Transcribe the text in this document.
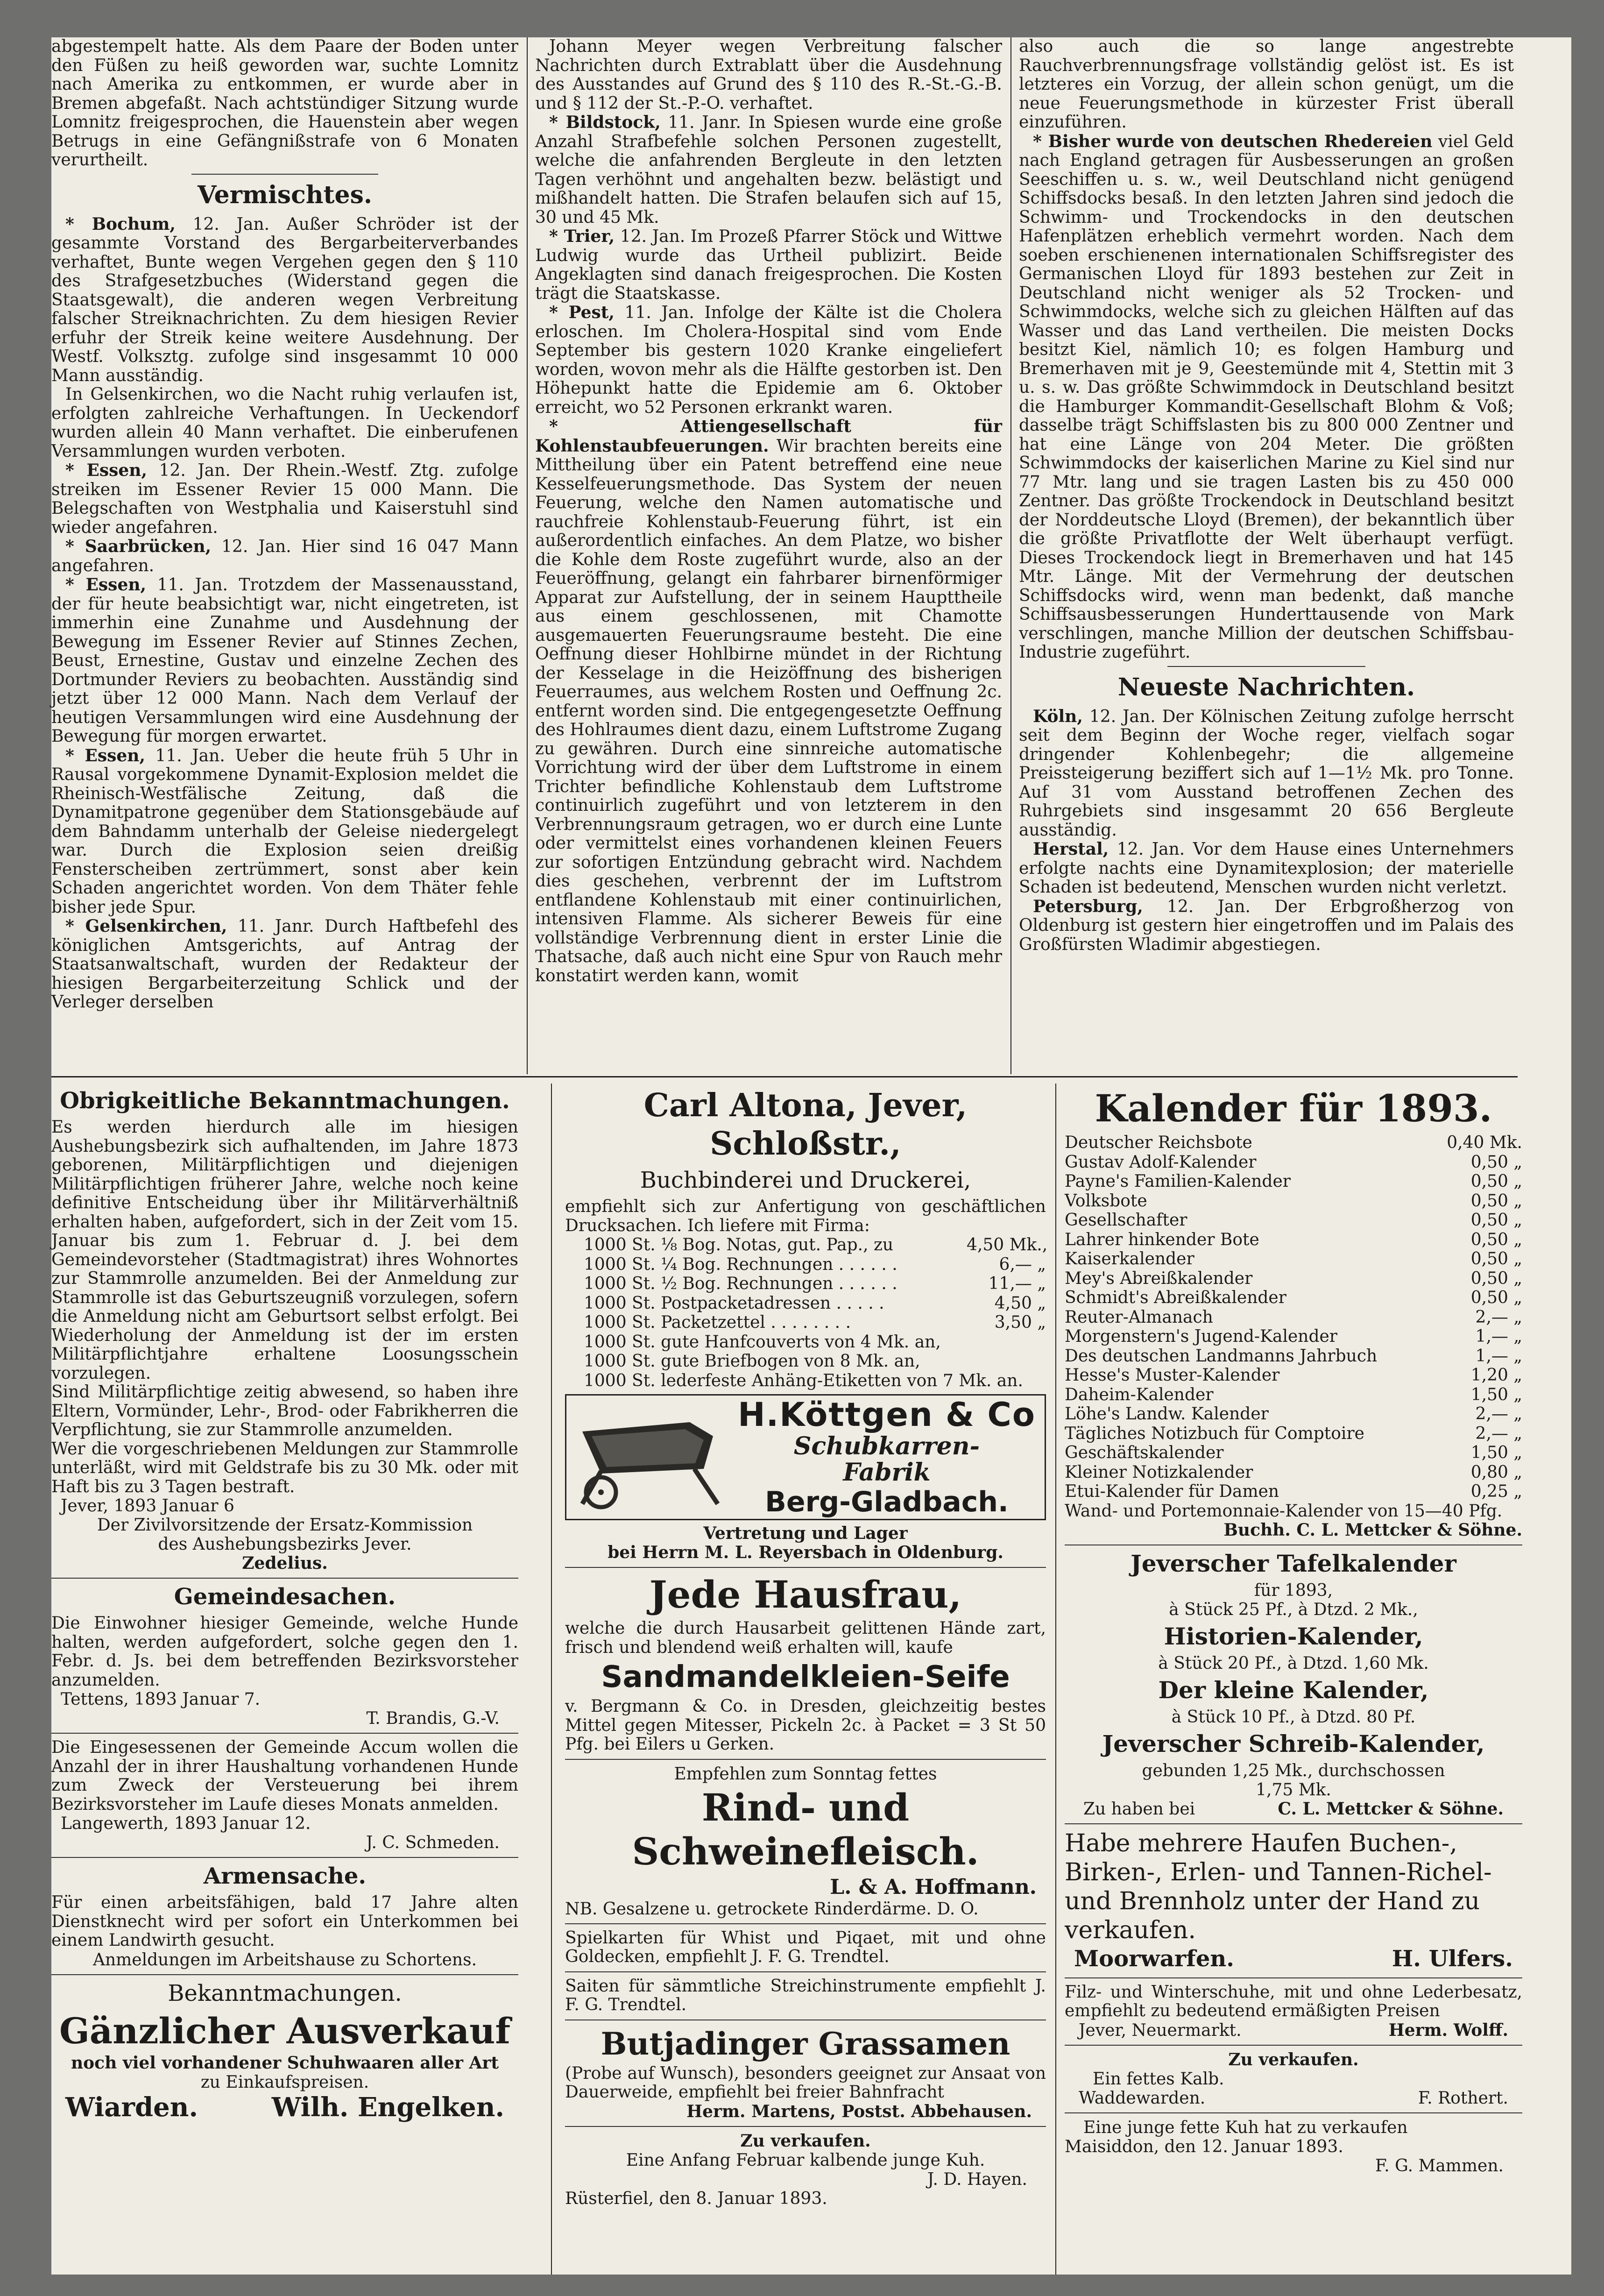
abgestempelt hatte. Als dem Paare der Boden unter den Füßen zu heiß geworden war, suchte Lomnitz nach Amerika zu entkommen, er wurde aber in Bremen abgefaßt. Nach achtstündiger Sitzung wurde Lomnitz freigesprochen, die Hauenstein aber wegen Betrugs in eine Gefängnißstrafe von 6 Monaten verurtheilt.

Vermischtes.

* Bochum, 12. Jan. Außer Schröder ist der gesammte Vorstand des Bergarbeiterverbandes verhaftet, Bunte wegen Vergehen gegen den § 110 des Strafgesetzbuches (Widerstand gegen die Staatsgewalt), die anderen wegen Verbreitung falscher Streiknachrichten. Zu dem hiesigen Revier erfuhr der Streik keine weitere Ausdehnung. Der Westf. Volksztg. zufolge sind insgesammt 10 000 Mann ausständig.

In Gelsenkirchen, wo die Nacht ruhig verlaufen ist, erfolgten zahlreiche Verhaftungen. In Ueckendorf wurden allein 40 Mann verhaftet. Die einberufenen Versammlungen wurden verboten.

* Essen, 12. Jan. Der Rhein.-Westf. Ztg. zufolge streiken im Essener Revier 15 000 Mann. Die Belegschaften von Westphalia und Kaiserstuhl sind wieder angefahren.

* Saarbrücken, 12. Jan. Hier sind 16 047 Mann angefahren.

* Essen, 11. Jan. Trotzdem der Massenausstand, der für heute beabsichtigt war, nicht eingetreten, ist immerhin eine Zunahme und Ausdehnung der Bewegung im Essener Revier auf Stinnes Zechen, Beust, Ernestine, Gustav und einzelne Zechen des Dortmunder Reviers zu beobachten. Ausständig sind jetzt über 12 000 Mann. Nach dem Verlauf der heutigen Versammlungen wird eine Ausdehnung der Bewegung für morgen erwartet.

* Essen, 11. Jan. Ueber die heute früh 5 Uhr in Rausal vorgekommene Dynamit-Explosion meldet die Rheinisch-Westfälische Zeitung, daß die Dynamitpatrone gegenüber dem Stationsgebäude auf dem Bahndamm unterhalb der Geleise niedergelegt war. Durch die Explosion seien dreißig Fensterscheiben zertrümmert, sonst aber kein Schaden angerichtet worden. Von dem Thäter fehle bisher jede Spur.

* Gelsenkirchen, 11. Janr. Durch Haftbefehl des königlichen Amtsgerichts, auf Antrag der Staatsanwaltschaft, wurden der Redakteur der hiesigen Bergarbeiterzeitung Schlick und der Verleger derselben

Johann Meyer wegen Verbreitung falscher Nachrichten durch Extrablatt über die Ausdehnung des Ausstandes auf Grund des § 110 des R.-St.-G.-B. und § 112 der St.-P.-O. verhaftet.

* Bildstock, 11. Janr. In Spiesen wurde eine große Anzahl Strafbefehle solchen Personen zugestellt, welche die anfahrenden Bergleute in den letzten Tagen verhöhnt und angehalten bezw. belästigt und mißhandelt hatten. Die Strafen belaufen sich auf 15, 30 und 45 Mk.

* Trier, 12. Jan. Im Prozeß Pfarrer Stöck und Wittwe Ludwig wurde das Urtheil publizirt. Beide Angeklagten sind danach freigesprochen. Die Kosten trägt die Staatskasse.

* Pest, 11. Jan. Infolge der Kälte ist die Cholera erloschen. Im Cholera-Hospital sind vom Ende September bis gestern 1020 Kranke eingeliefert worden, wovon mehr als die Hälfte gestorben ist. Den Höhepunkt hatte die Epidemie am 6. Oktober erreicht, wo 52 Personen erkrankt waren.

* Attiengesellschaft für Kohlenstaubfeuerungen. Wir brachten bereits eine Mittheilung über ein Patent betreffend eine neue Kesselfeuerungsmethode. Das System der neuen Feuerung, welche den Namen automatische und rauchfreie Kohlenstaub-Feuerung führt, ist ein außerordentlich einfaches. An dem Platze, wo bisher die Kohle dem Roste zugeführt wurde, also an der Feueröffnung, gelangt ein fahrbarer birnenförmiger Apparat zur Aufstellung, der in seinem Haupttheile aus einem geschlossenen, mit Chamotte ausgemauerten Feuerungsraume besteht. Die eine Oeffnung dieser Hohlbirne mündet in der Richtung der Kesselage in die Heizöffnung des bisherigen Feuerraumes, aus welchem Rosten und Oeffnung 2c. entfernt worden sind. Die entgegengesetzte Oeffnung des Hohlraumes dient dazu, einem Luftstrome Zugang zu gewähren. Durch eine sinnreiche automatische Vorrichtung wird der über dem Luftstrome in einem Trichter befindliche Kohlenstaub dem Luftstrome continuirlich zugeführt und von letzterem in den Verbrennungsraum getragen, wo er durch eine Lunte oder vermittelst eines vorhandenen kleinen Feuers zur sofortigen Entzündung gebracht wird. Nachdem dies geschehen, verbrennt der im Luftstrom entflandene Kohlenstaub mit einer continuirlichen, intensiven Flamme. Als sicherer Beweis für eine vollständige Verbrennung dient in erster Linie die Thatsache, daß auch nicht eine Spur von Rauch mehr konstatirt werden kann, womit

also auch die so lange angestrebte Rauchverbrennungsfrage vollständig gelöst ist. Es ist letzteres ein Vorzug, der allein schon genügt, um die neue Feuerungsmethode in kürzester Frist überall einzuführen.

* Bisher wurde von deutschen Rhedereien viel Geld nach England getragen für Ausbesserungen an großen Seeschiffen u. s. w., weil Deutschland nicht genügend Schiffsdocks besaß. In den letzten Jahren sind jedoch die Schwimm- und Trockendocks in den deutschen Hafenplätzen erheblich vermehrt worden. Nach dem soeben erschienenen internationalen Schiffsregister des Germanischen Lloyd für 1893 bestehen zur Zeit in Deutschland nicht weniger als 52 Trocken- und Schwimmdocks, welche sich zu gleichen Hälften auf das Wasser und das Land vertheilen. Die meisten Docks besitzt Kiel, nämlich 10; es folgen Hamburg und Bremerhaven mit je 9, Geestemünde mit 4, Stettin mit 3 u. s. w. Das größte Schwimmdock in Deutschland besitzt die Hamburger Kommandit-Gesellschaft Blohm & Voß; dasselbe trägt Schiffslasten bis zu 800 000 Zentner und hat eine Länge von 204 Meter. Die größten Schwimmdocks der kaiserlichen Marine zu Kiel sind nur 77 Mtr. lang und sie tragen Lasten bis zu 450 000 Zentner. Das größte Trockendock in Deutschland besitzt der Norddeutsche Lloyd (Bremen), der bekanntlich über die größte Privatflotte der Welt überhaupt verfügt. Dieses Trockendock liegt in Bremerhaven und hat 145 Mtr. Länge. Mit der Vermehrung der deutschen Schiffsdocks wird, wenn man bedenkt, daß manche Schiffsausbesserungen Hunderttausende von Mark verschlingen, manche Million der deutschen Schiffsbau-Industrie zugeführt.

Neueste Nachrichten.

Köln, 12. Jan. Der Kölnischen Zeitung zufolge herrscht seit dem Beginn der Woche reger, vielfach sogar dringender Kohlenbegehr; die allgemeine Preissteigerung beziffert sich auf 1—1½ Mk. pro Tonne. Auf 31 vom Ausstand betroffenen Zechen des Ruhrgebiets sind insgesammt 20 656 Bergleute ausständig.

Herstal, 12. Jan. Vor dem Hause eines Unternehmers erfolgte nachts eine Dynamitexplosion; der materielle Schaden ist bedeutend, Menschen wurden nicht verletzt.

Petersburg, 12. Jan. Der Erbgroßherzog von Oldenburg ist gestern hier eingetroffen und im Palais des Großfürsten Wladimir abgestiegen.

Obrigkeitliche Bekanntmachungen.

Es werden hierdurch alle im hiesigen Aushebungsbezirk sich aufhaltenden, im Jahre 1873 geborenen, Militärpflichtigen und diejenigen Militärpflichtigen früherer Jahre, welche noch keine definitive Entscheidung über ihr Militärverhältniß erhalten haben, aufgefordert, sich in der Zeit vom 15. Januar bis zum 1. Februar d. J. bei dem Gemeindevorsteher (Stadtmagistrat) ihres Wohnortes zur Stammrolle anzumelden. Bei der Anmeldung zur Stammrolle ist das Geburtszeugniß vorzulegen, sofern die Anmeldung nicht am Geburtsort selbst erfolgt. Bei Wiederholung der Anmeldung ist der im ersten Militärpflichtjahre erhaltene Loosungsschein vorzulegen.

Sind Militärpflichtige zeitig abwesend, so haben ihre Eltern, Vormünder, Lehr-, Brod- oder Fabrikherren die Verpflichtung, sie zur Stammrolle anzumelden.

Wer die vorgeschriebenen Meldungen zur Stammrolle unterläßt, wird mit Geldstrafe bis zu 30 Mk. oder mit Haft bis zu 3 Tagen bestraft.

Jever, 1893 Januar 6
Der Zivilvorsitzende der Ersatz-Kommission
des Aushebungsbezirks Jever.
Zedelius.
Gemeindesachen.

Die Einwohner hiesiger Gemeinde, welche Hunde halten, werden aufgefordert, solche gegen den 1. Febr. d. Js. bei dem betreffenden Bezirksvorsteher anzumelden.

Tettens, 1893 Januar 7.
T. Brandis, G.-V.

Die Eingesessenen der Gemeinde Accum wollen die Anzahl der in ihrer Haushaltung vorhandenen Hunde zum Zweck der Versteuerung bei ihrem Bezirksvorsteher im Laufe dieses Monats anmelden.

Langewerth, 1893 Januar 12.
J. C. Schmeden.
Armensache.

Für einen arbeitsfähigen, bald 17 Jahre alten Dienstknecht wird per sofort ein Unterkommen bei einem Landwirth gesucht.

Anmeldungen im Arbeitshause zu Schortens.
Bekanntmachungen.
Gänzlicher Ausverkauf
noch viel vorhandener Schuhwaaren aller Art
zu Einkaufspreisen.
Wiarden.	Wilh. Engelken.
Carl Altona, Jever, Schloßstr.,
Buchbinderei und Druckerei,

empfiehlt sich zur Anfertigung von geschäftlichen Drucksachen. Ich liefere mit Firma:

1000 St. ⅛ Bog. Notas, gut. Pap., zu	4,50 Mk.,
1000 St. ¼ Bog. Rechnungen . . . . . .	6,— „
1000 St. ½ Bog. Rechnungen . . . . . .	11,— „
1000 St. Postpacketadressen . . . . .	4,50 „
1000 St. Packetzettel . . . . . . . .	3,50 „
1000 St. gute Hanfcouverts von 4 Mk. an,
1000 St. gute Briefbogen von 8 Mk. an,
1000 St. lederfeste Anhäng-Etiketten von 7 Mk. an.
H.Köttgen & Co
Schubkarren-
Fabrik
Berg-Gladbach.
Vertretung und Lager
bei Herrn M. L. Reyersbach in Oldenburg.
Jede Hausfrau,

welche die durch Hausarbeit gelittenen Hände zart, frisch und blendend weiß erhalten will, kaufe

Sandmandelkleien-Seife

v. Bergmann & Co. in Dresden, gleichzeitig bestes Mittel gegen Mitesser, Pickeln 2c. à Packet = 3 St 50 Pfg. bei Eilers u Gerken.

Empfehlen zum Sonntag fettes
Rind- und Schweinefleisch.
L. & A. Hoffmann.
NB. Gesalzene u. getrockete Rinderdärme. D. O.

Spielkarten für Whist und Piqaet, mit und ohne Goldecken, empfiehlt J. F. G. Trendtel.

Saiten für sämmtliche Streichinstrumente empfiehlt J. F. G. Trendtel.

Butjadinger Grassamen

(Probe auf Wunsch), besonders geeignet zur Ansaat von Dauerweide, empfiehlt bei freier Bahnfracht

Herm. Martens, Postst. Abbehausen.
Zu verkaufen.
Eine Anfang Februar kalbende junge Kuh.
J. D. Hayen.
Rüsterfiel, den 8. Januar 1893.
Kalender für 1893.
Deutscher Reichsbote	0,40 Mk.
Gustav Adolf-Kalender	0,50 „
Payne's Familien-Kalender	0,50 „
Volksbote	0,50 „
Gesellschafter	0,50 „
Lahrer hinkender Bote	0,50 „
Kaiserkalender	0,50 „
Mey's Abreißkalender	0,50 „
Schmidt's Abreißkalender	0,50 „
Reuter-Almanach	2,— „
Morgenstern's Jugend-Kalender	1,— „
Des deutschen Landmanns Jahrbuch	1,— „
Hesse's Muster-Kalender	1,20 „
Daheim-Kalender	1,50 „
Löhe's Landw. Kalender	2,— „
Tägliches Notizbuch für Comptoire	2,— „
Geschäftskalender	1,50 „
Kleiner Notizkalender	0,80 „
Etui-Kalender für Damen	0,25 „
Wand- und Portemonnaie-Kalender von 15—40 Pfg.
Buchh. C. L. Mettcker & Söhne.
Jeverscher Tafelkalender
für 1893,
à Stück 25 Pf., à Dtzd. 2 Mk.,
Historien-Kalender,
à Stück 20 Pf., à Dtzd. 1,60 Mk.
Der kleine Kalender,
à Stück 10 Pf., à Dtzd. 80 Pf.
Jeverscher Schreib-Kalender,
gebunden 1,25 Mk., durchschossen
1,75 Mk.
Zu haben bei	C. L. Mettcker & Söhne.

Habe mehrere Haufen Buchen-, Birken-, Erlen- und Tannen-Richel- und Brennholz unter der Hand zu verkaufen.

Moorwarfen.	H. Ulfers.

Filz- und Winterschuhe, mit und ohne Lederbesatz, empfiehlt zu bedeutend ermäßigten Preisen

Jever, Neuermarkt.	Herm. Wolff.
Zu verkaufen.
Ein fettes Kalb.
Waddewarden.	F. Rothert.
Eine junge fette Kuh hat zu verkaufen
Maisiddon, den 12. Januar 1893.
F. G. Mammen.
